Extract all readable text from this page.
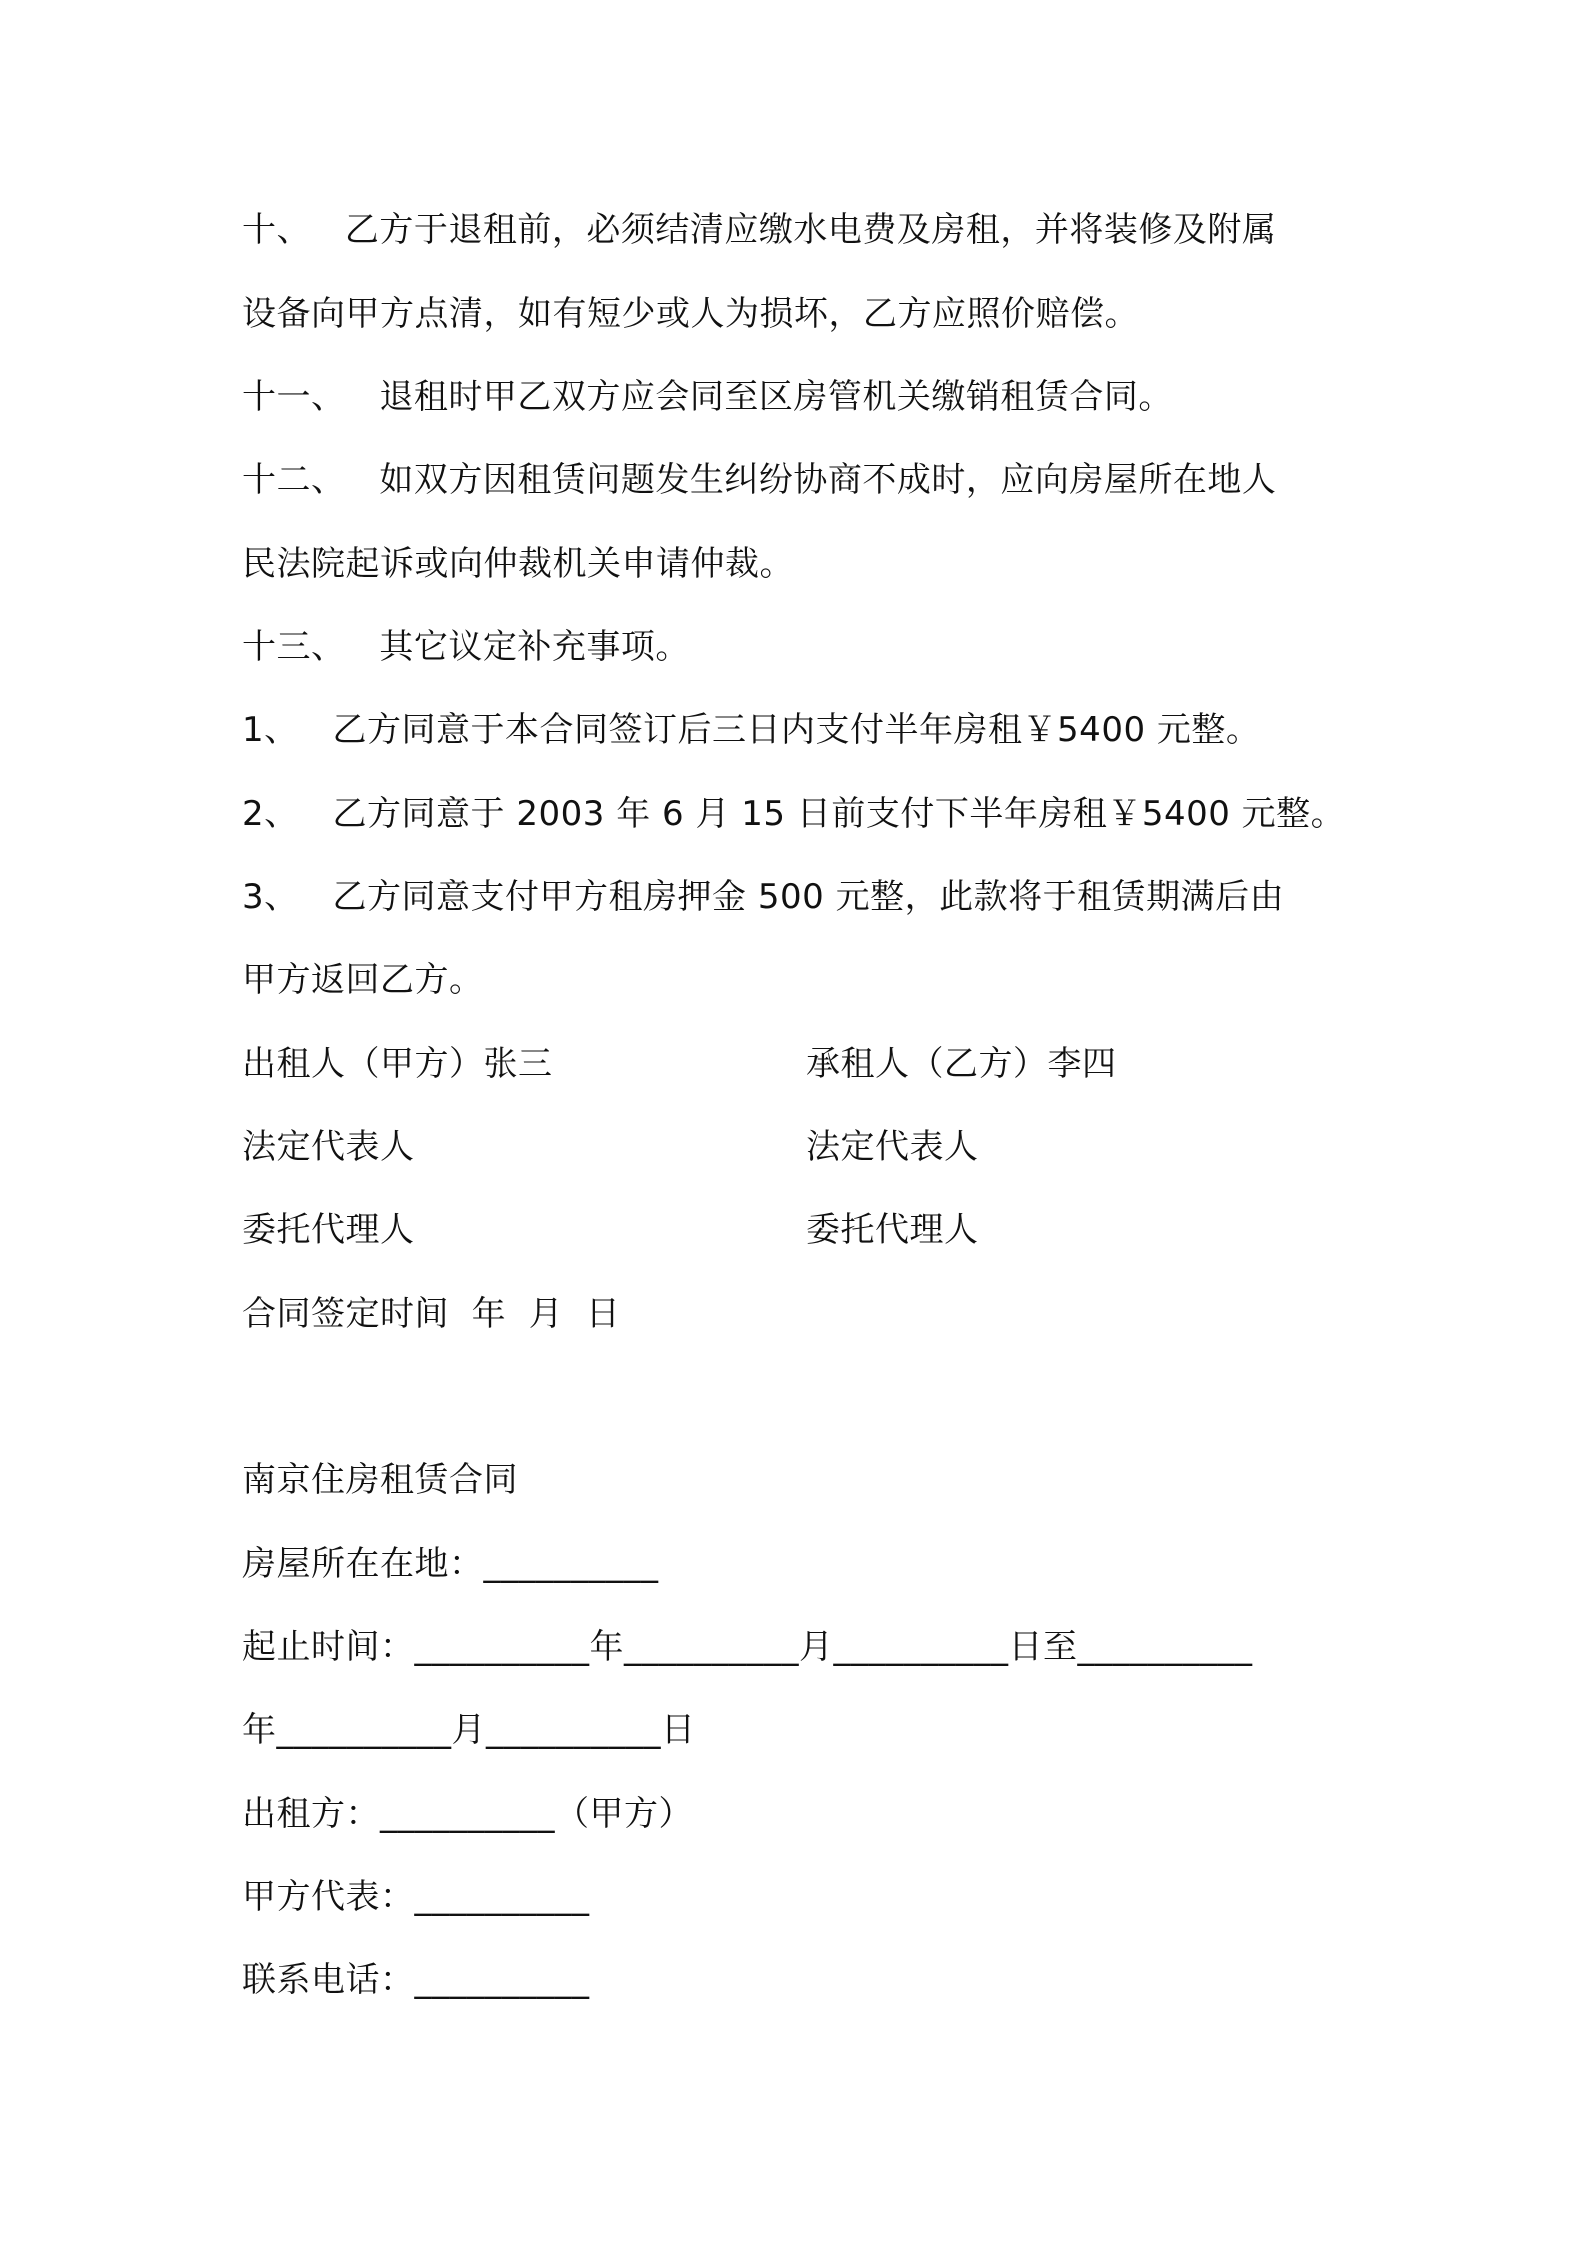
十、   乙方于退租前，必须结清应缴水电费及房租，并将装修及附属
设备向甲方点清，如有短少或人为损坏，乙方应照价赔偿。
十一、   退租时甲乙双方应会同至区房管机关缴销租赁合同。
十二、   如双方因租赁问题发生纠纷协商不成时，应向房屋所在地人
民法院起诉或向仲裁机关申请仲裁。
十三、   其它议定补充事项。
1、   乙方同意于本合同签订后三日内支付半年房租￥5400 元整。
2、   乙方同意于 2003 年 6 月 15 日前支付下半年房租￥5400 元整。
3、   乙方同意支付甲方租房押金 500 元整，此款将于租赁期满后由
甲方返回乙方。
出租人（甲方）张三	承租人（乙方）李四
法定代表人	法定代表人
委托代理人	委托代理人
合同签定时间  年  月  日
南京住房租赁合同
房屋所在在地：__________
起止时间：__________年__________月__________日至__________
年__________月__________日
出租方：__________（甲方）
甲方代表：__________
联系电话：__________
